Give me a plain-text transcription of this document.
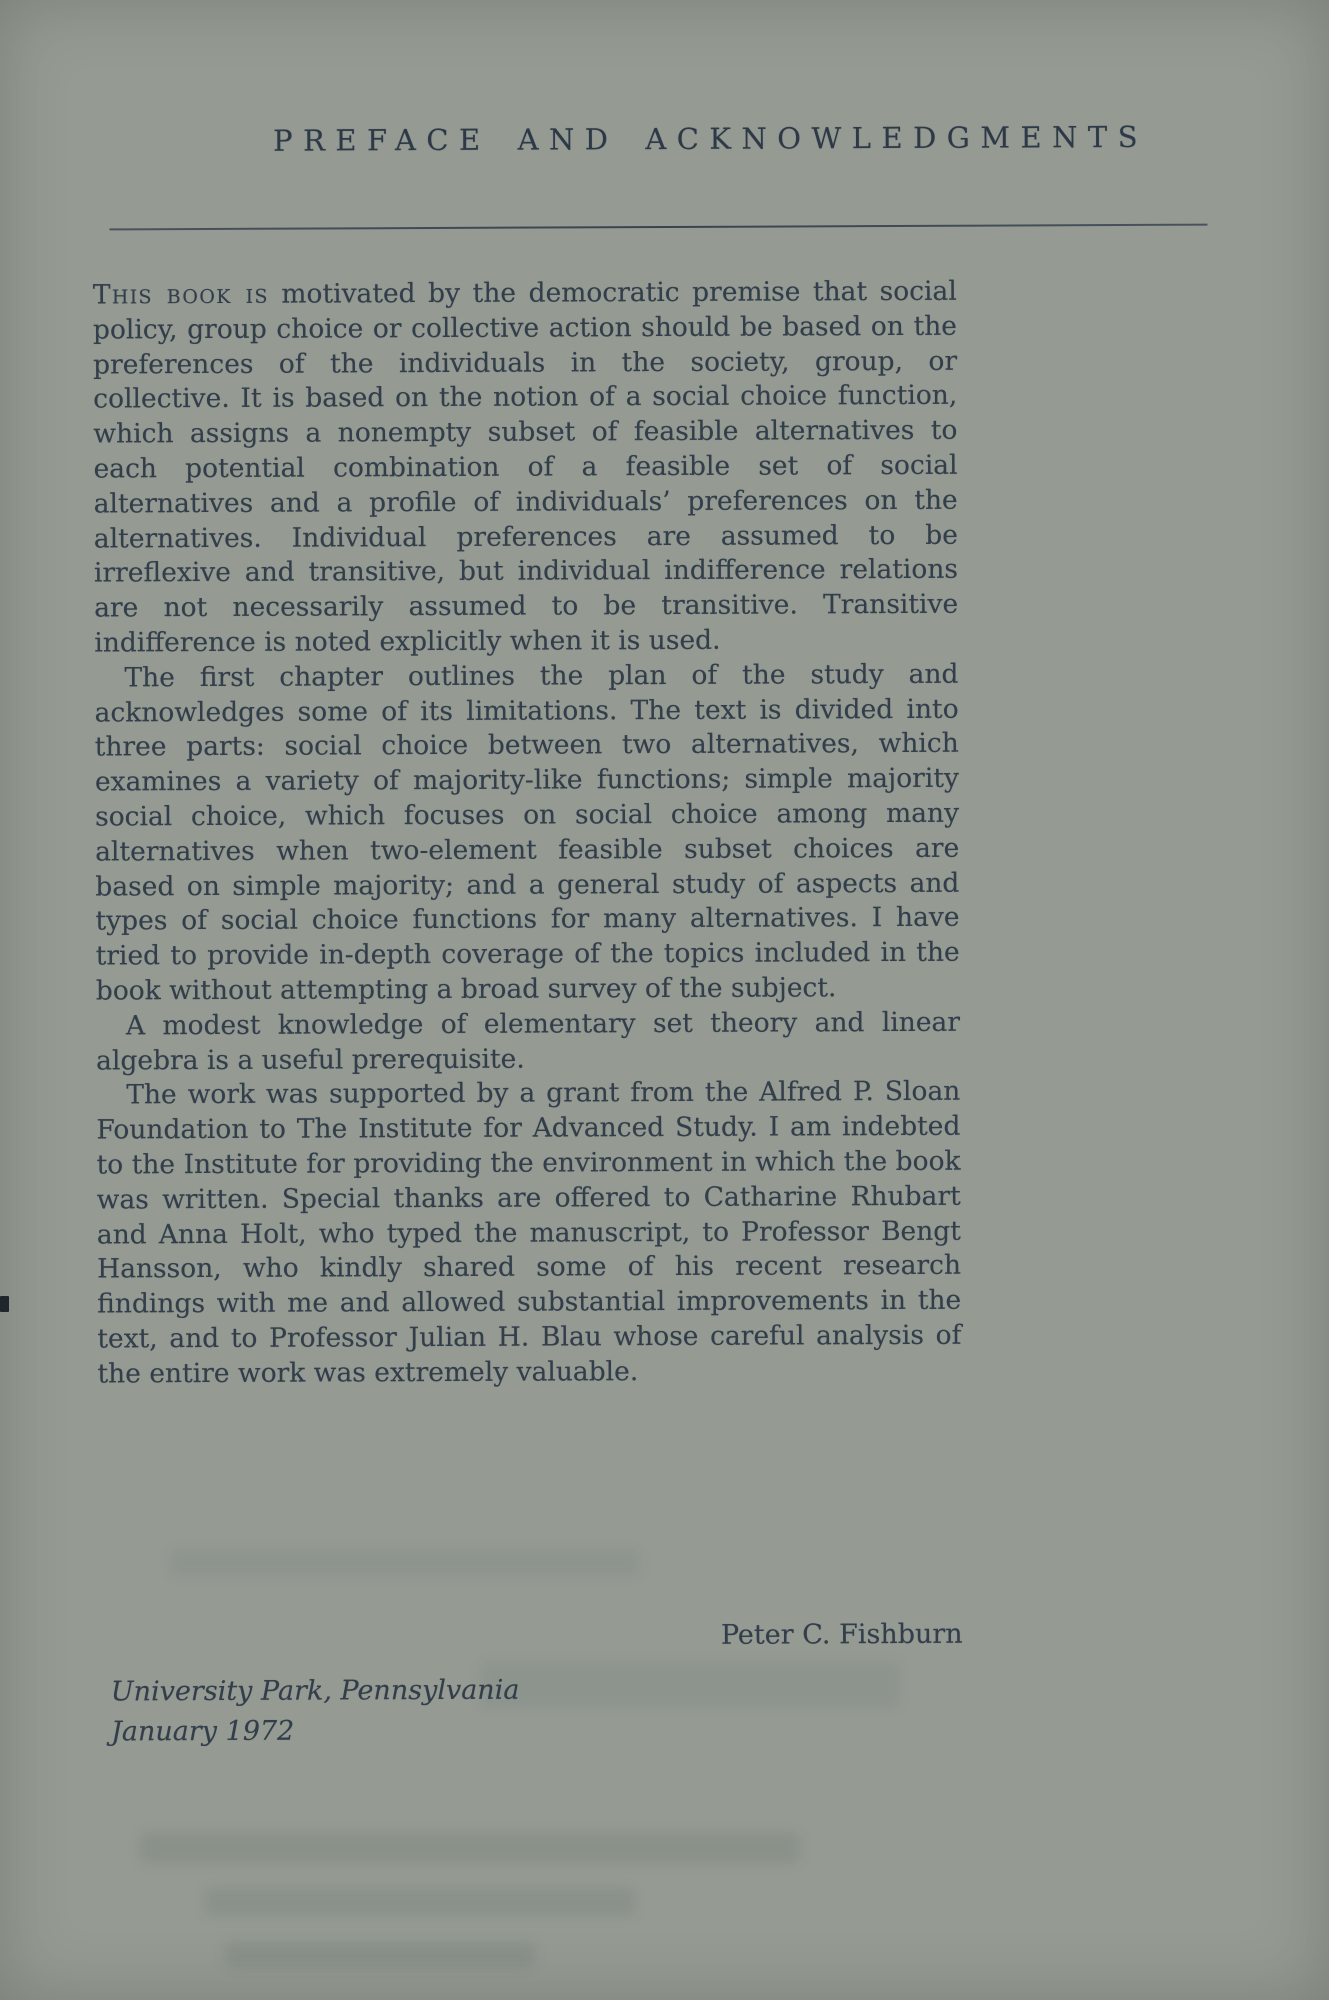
PREFACE AND ACKNOWLEDGMENTS

This book is motivated by the democratic premise that social policy, group choice or collective action should be based on the preferences of the individuals in the society, group, or collective. It is based on the notion of a social choice function, which assigns a nonempty subset of feasible alternatives to each potential combination of a feasible set of social alternatives and a profile of individuals’ preferences on the alternatives. Individual preferences are assumed to be irreflexive and transitive, but individual indifference relations are not necessarily assumed to be transitive. Transitive indifference is noted explicitly when it is used.

The first chapter outlines the plan of the study and acknowledges some of its limitations. The text is divided into three parts: social choice between two alternatives, which examines a variety of majority-like functions; simple majority social choice, which focuses on social choice among many alternatives when two-element feasible subset choices are based on simple majority; and a general study of aspects and types of social choice functions for many alternatives. I have tried to provide in-depth coverage of the topics included in the book without attempting a broad survey of the subject.

A modest knowledge of elementary set theory and linear algebra is a useful prerequisite.

The work was supported by a grant from the Alfred P. Sloan Foundation to The Institute for Advanced Study. I am indebted to the Institute for providing the environment in which the book was written. Special thanks are offered to Catharine Rhubart and Anna Holt, who typed the manuscript, to Professor Bengt Hansson, who kindly shared some of his recent research findings with me and allowed substantial improvements in the text, and to Professor Julian H. Blau whose careful analysis of the entire work was extremely valuable.

Peter C. Fishburn
University Park, Pennsylvania
January 1972
